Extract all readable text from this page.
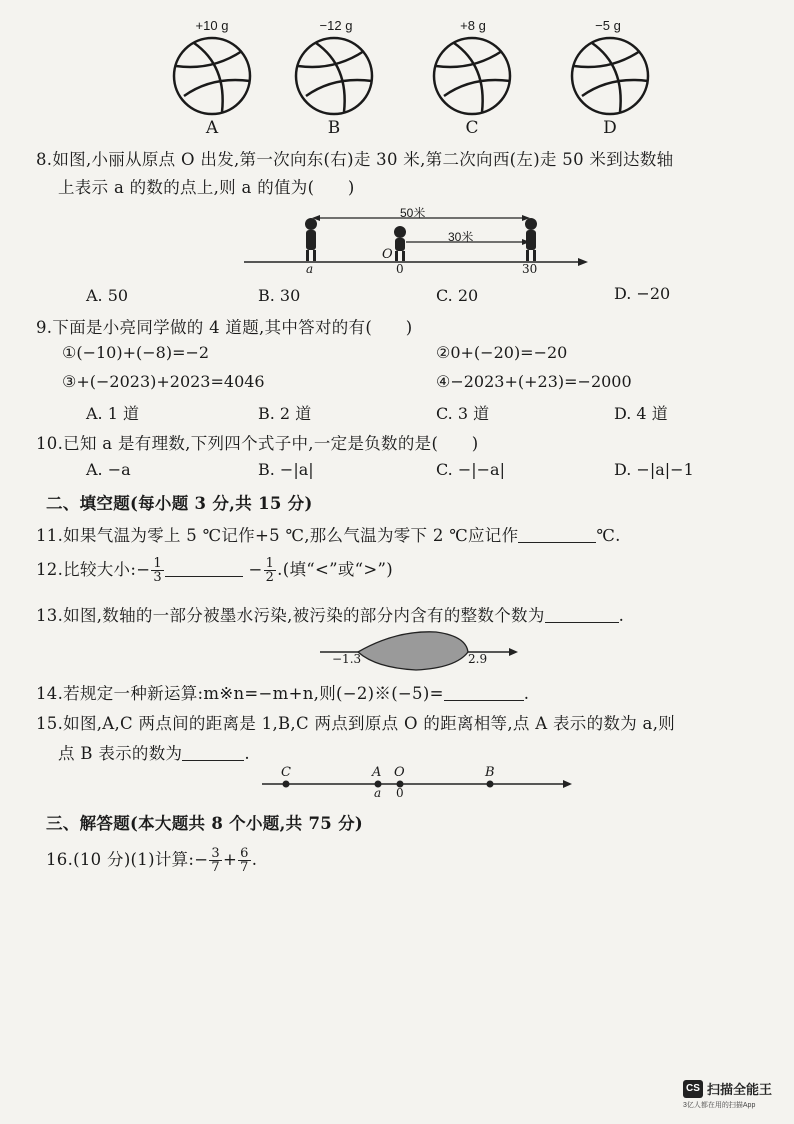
+10 g	−12 g	+8 g	−5 g
A	B	C	D
8.如图,小丽从原点 O 出发,第一次向东(右)走 30 米,第二次向西(左)走 50 米到达数轴
上表示 a 的数的点上,则 a 的值为(　　)
50米
30米
O
a	0	30
A. 50	B. 30	C. 20	D. −20
9.下面是小亮同学做的 4 道题,其中答对的有(　　)
①(−10)+(−8)=−2	②0+(−20)=−20
③+(−2023)+2023=4046	④−2023+(+23)=−2000
A. 1 道	B. 2 道	C. 3 道	D. 4 道
10.已知 a 是有理数,下列四个式子中,一定是负数的是(　　)
A. −a	B. −|a|	C. −|−a|	D. −|a|−1
二、填空题(每小题 3 分,共 15 分)
11.如果气温为零上 5 ℃记作+5 ℃,那么气温为零下 2 ℃应记作	℃.
12.比较大小:− $\frac{1}{3}$	− $\frac{1}{2}$ .(填“<”或“>”)
13.如图,数轴的一部分被墨水污染,被污染的部分内含有的整数个数为	.
−1.3	2.9
14.若规定一种新运算:m※n=−m+n,则(−2)※(−5)=	.
15.如图,A,C 两点间的距离是 1,B,C 两点到原点 O 的距离相等,点 A 表示的数为 a,则
点 B 表示的数为	.
C	A O	B
a 0
三、解答题(本大题共 8 个小题,共 75 分)
16.(10 分)(1)计算:− $\frac{3}{7} + \frac{6}{7}$ .
CS 扫描全能王
3亿人都在用的扫描App
